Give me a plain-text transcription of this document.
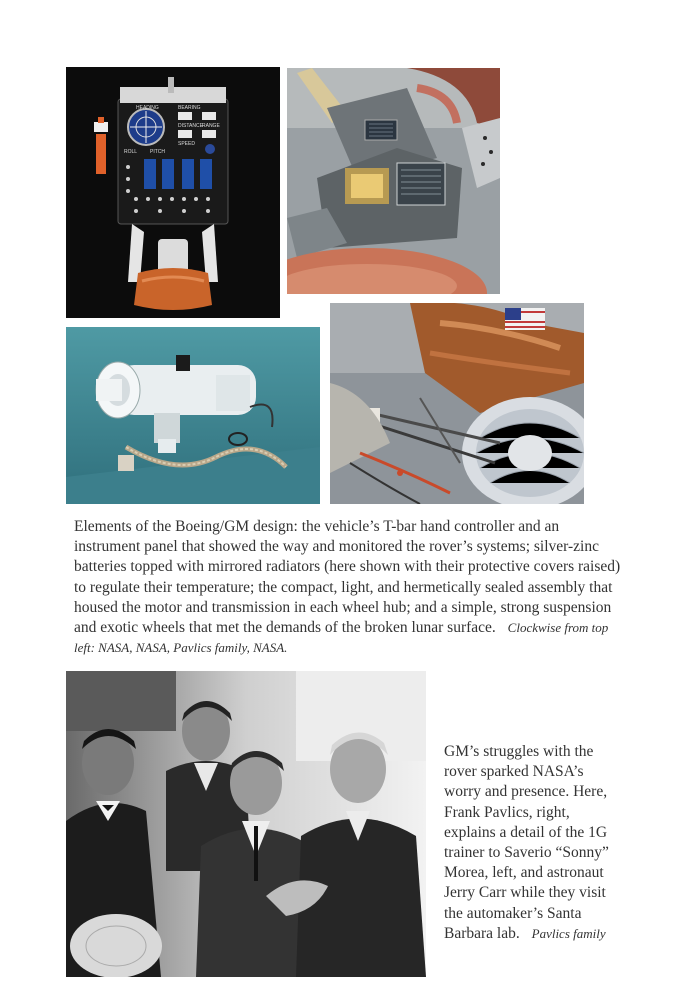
HEADING	BEARING
DISTANCE RANGE
SPEED
ROLL	PITCH

Elements of the Boeing/GM design: the vehicle’s T-bar hand controller and an instrument panel that showed the way and monitored the rover’s systems; silver-zinc batteries topped with mirrored radiators (here shown with their protective covers raised) to regulate their temperature; the compact, light, and hermetically sealed assembly that housed the motor and transmission in each wheel hub; and a simple, strong suspension and exotic wheels that met the demands of the broken lunar surface. Clockwise from top left: NASA, NASA, Pavlics family, NASA.

GM’s struggles with the rover sparked NASA’s worry and presence. Here, Frank Pavlics, right, explains a detail of the 1G trainer to Saverio “Sonny” Morea, left, and astronaut Jerry Carr while they visit the automaker’s Santa Barbara lab. Pavlics family
